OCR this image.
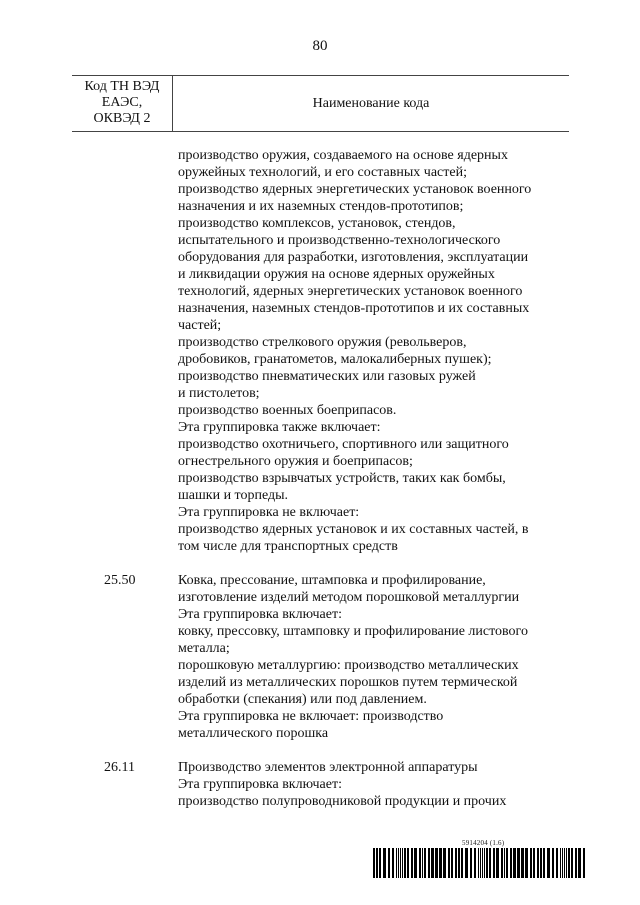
80
Код ТН ВЭД
ЕАЭС,
ОКВЭД 2
Наименование кода
производство оружия, создаваемого на основе ядерных
оружейных технологий, и его составных частей;
производство ядерных энергетических установок военного
назначения и их наземных стендов-прототипов;
производство комплексов, установок, стендов,
испытательного и производственно-технологического
оборудования для разработки, изготовления, эксплуатации
и ликвидации оружия на основе ядерных оружейных
технологий, ядерных энергетических установок военного
назначения, наземных стендов-прототипов и их составных
частей;
производство стрелкового оружия (револьверов,
дробовиков, гранатометов, малокалиберных пушек);
производство пневматических или газовых ружей
и пистолетов;
производство военных боеприпасов.
Эта группировка также включает:
производство охотничьего, спортивного или защитного
огнестрельного оружия и боеприпасов;
производство взрывчатых устройств, таких как бомбы,
шашки и торпеды.
Эта группировка не включает:
производство ядерных установок и их составных частей, в
том числе для транспортных средств
25.50	Ковка, прессование, штамповка и профилирование,
изготовление изделий методом порошковой металлургии
Эта группировка включает:
ковку, прессовку, штамповку и профилирование листового
металла;
порошковую металлургию: производство металлических
изделий из металлических порошков путем термической
обработки (спекания) или под давлением.
Эта группировка не включает: производство
металлического порошка
26.11	Производство элементов электронной аппаратуры
Эта группировка включает:
производство полупроводниковой продукции и прочих
5914204 (1.6)
